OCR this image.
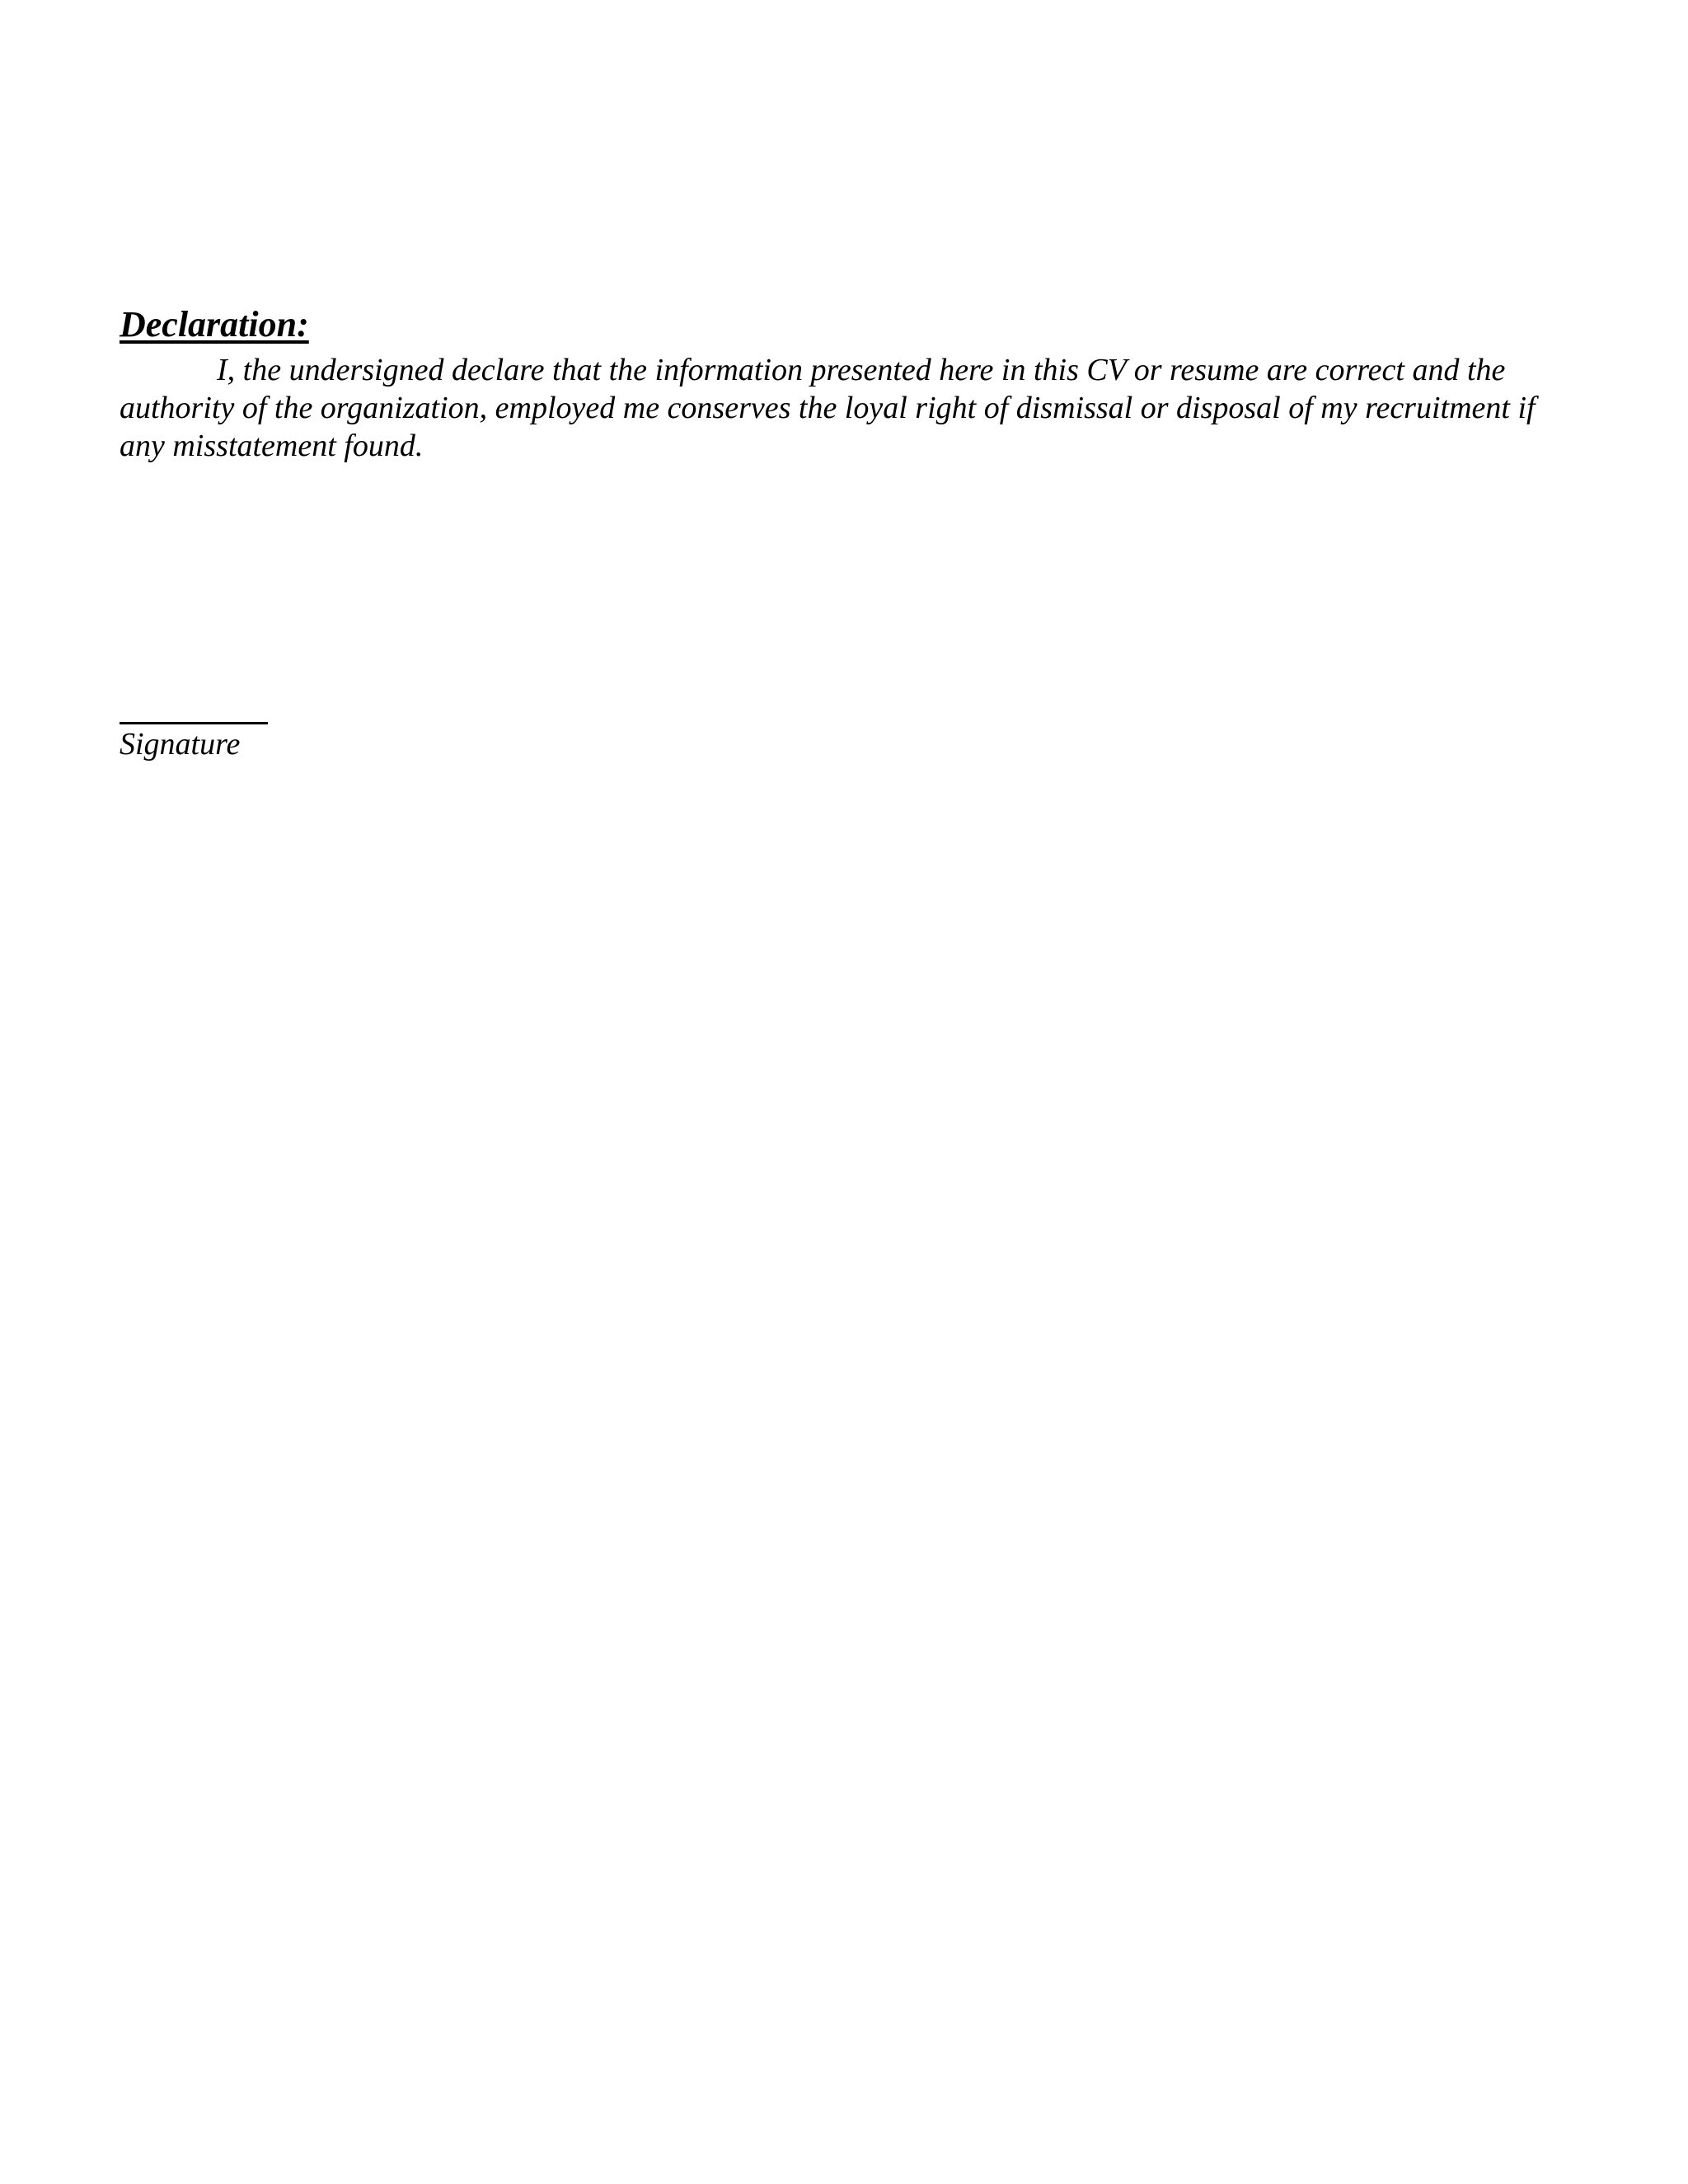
Declaration:

I, the undersigned declare that the information presented here in this CV or resume are correct and the authority of the organization, employed me conserves the loyal right of dismissal or disposal of my recruitment if any misstatement found.

Signature
